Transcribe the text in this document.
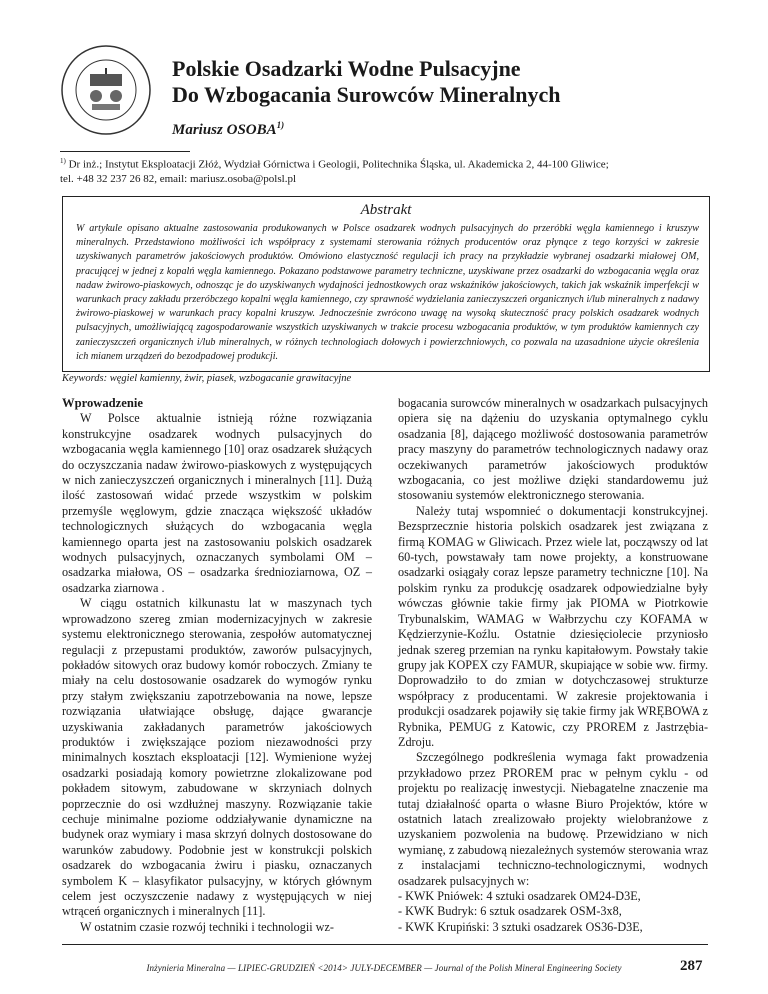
Polskie Osadzarki Wodne Pulsacyjne
Do Wzbogacania Surowców Mineralnych
Mariusz OSOBA$^{1)}$
$^{1)}$ Dr inż.; Instytut Eksploatacji Złóż, Wydział Górnictwa i Geologii, Politechnika Śląska, ul. Akademicka 2, 44-100 Gliwice;
tel. +48 32 237 26 82, email: mariusz.osoba@polsl.pl
Abstrakt
W artykule opisano aktualne zastosowania produkowanych w Polsce osadzarek wodnych pulsacyjnych do przeróbki węgla kamiennego i kruszyw mineralnych. Przedstawiono możliwości ich współpracy z systemami sterowania różnych producentów oraz płynące z tego korzyści w zakresie uzyskiwanych parametrów jakościowych produktów. Omówiono elastyczność regulacji ich pracy na przykładzie wybranej osadzarki miałowej OM, pracującej w jednej z kopalń węgla kamiennego. Pokazano podstawowe parametry techniczne, uzyskiwane przez osadzarki do wzbogacania węgla oraz nadaw żwirowo-piaskowych, odnosząc je do uzyskiwanych wydajności jednostkowych oraz wskaźników jakościowych, takich jak wskaźnik imperfekcji w warunkach pracy zakładu przeróbczego kopalni węgla kamiennego, czy sprawność wydzielania zanieczyszczeń organicznych i/lub mineralnych z nadawy żwirowo-piaskowej w warunkach pracy kopalni kruszyw. Jednocześnie zwrócono uwagę na wysoką skuteczność pracy polskich osadzarek wodnych pulsacyjnych, umożliwiającą zagospodarowanie wszystkich uzyskiwanych w trakcie procesu wzbogacania produktów, w tym produktów kamiennych czy zanieczyszczeń organicznych i/lub mineralnych, w różnych technologiach dołowych i powierzchniowych, co pozwala na uzasadnione użycie określenia ich mianem urządzeń do bezodpadowej produkcji.
Keywords: węgiel kamienny, żwir, piasek, wzbogacanie grawitacyjne

Wprowadzenie

W Polsce aktualnie istnieją różne rozwiązania konstrukcyjne osadzarek wodnych pulsacyjnych do wzbogacania węgla kamiennego [10] oraz osadzarek służących do oczyszczania nadaw żwirowo-piaskowych z występujących w nich zanieczyszczeń organicznych i mineralnych [11]. Dużą ilość zastosowań widać przede wszystkim w polskim przemyśle węglowym, gdzie znacząca większość układów technologicznych służących do wzbogacania węgla kamiennego oparta jest na zastosowaniu polskich osadzarek wodnych pulsacyjnych, oznaczanych symbolami OM – osadzarka miałowa, OS – osadzarka średnioziarnowa, OZ – osadzarka ziarnowa .

W ciągu ostatnich kilkunastu lat w maszynach tych wprowadzono szereg zmian modernizacyjnych w zakresie systemu elektronicznego sterowania, zespołów automatycznej regulacji z przepustami produktów, zaworów pulsacyjnych, pokładów sitowych oraz budowy komór roboczych. Zmiany te miały na celu dostosowanie osadzarek do wymogów rynku przy stałym zwiększaniu zapotrzebowania na nowe, lepsze rozwiązania ułatwiające obsługę, dające gwarancje uzyskiwania zakładanych parametrów jakościowych produktów i zwiększające poziom niezawodności przy minimalnych kosztach eksploatacji [12]. Wymienione wyżej osadzarki posiadają komory powietrzne zlokalizowane pod pokładem sitowym, zabudowane w skrzyniach dolnych poprzecznie do osi wzdłużnej maszyny. Rozwiązanie takie cechuje minimalne poziome oddziaływanie dynamiczne na budynek oraz wymiary i masa skrzyń dolnych dostosowane do warunków zabudowy. Podobnie jest w konstrukcji polskich osadzarek do wzbogacania żwiru i piasku, oznaczanych symbolem K – klasyfikator pulsacyjny, w których głównym celem jest oczyszczenie nadawy z występujących w niej wtrąceń organicznych i mineralnych [11].

W ostatnim czasie rozwój techniki i technologii wz-

bogacania surowców mineralnych w osadzarkach pulsacyjnych opiera się na dążeniu do uzyskania optymalnego cyklu osadzania [8], dającego możliwość dostosowania parametrów pracy maszyny do parametrów technologicznych nadawy oraz oczekiwanych parametrów jakościowych produktów wzbogacania, co jest możliwe dzięki standardowemu już stosowaniu systemów elektronicznego sterowania.

Należy tutaj wspomnieć o dokumentacji konstrukcyjnej. Bezsprzecznie historia polskich osadzarek jest związana z firmą KOMAG w Gliwicach. Przez wiele lat, począwszy od lat 60-tych, powstawały tam nowe projekty, a konstruowane osadzarki osiągały coraz lepsze parametry techniczne [10]. Na polskim rynku za produkcję osadzarek odpowiedzialne były wówczas głównie takie firmy jak PIOMA w Piotrkowie Trybunalskim, WAMAG w Wałbrzychu czy KOFAMA w Kędzierzynie-Koźlu. Ostatnie dziesięciolecie przyniosło jednak szereg przemian na rynku kapitałowym. Powstały takie grupy jak KOPEX czy FAMUR, skupiające w sobie ww. firmy. Doprowadziło to do zmian w dotychczasowej strukturze współpracy z producentami. W zakresie projektowania i produkcji osadzarek pojawiły się takie firmy jak WRĘBOWA z Rybnika, PEMUG z Katowic, czy PROREM z Jastrzębia- Zdroju.

Szczególnego podkreślenia wymaga fakt prowadzenia przykładowo przez PROREM prac w pełnym cyklu - od projektu po realizację inwestycji. Niebagatelne znaczenie ma tutaj działalność oparta o własne Biuro Projektów, które w ostatnich latach zrealizowało projekty wielobranżowe z uzyskaniem pozwolenia na budowę. Przewidziano w nich wymianę, z zabudową niezależnych systemów sterowania wraz z instalacjami techniczno-technologicznymi, wodnych osadzarek pulsacyjnych w:

- KWK Pniówek: 4 sztuki osadzarek OM24-D3E,

- KWK Budryk: 6 sztuk osadzarek OSM-3x8,

- KWK Krupiński: 3 sztuki osadzarek OS36-D3E,

Inżynieria Mineralna — LIPIEC-GRUDZIEŃ <2014> JULY-DECEMBER — Journal of the Polish Mineral Engineering Society	287
